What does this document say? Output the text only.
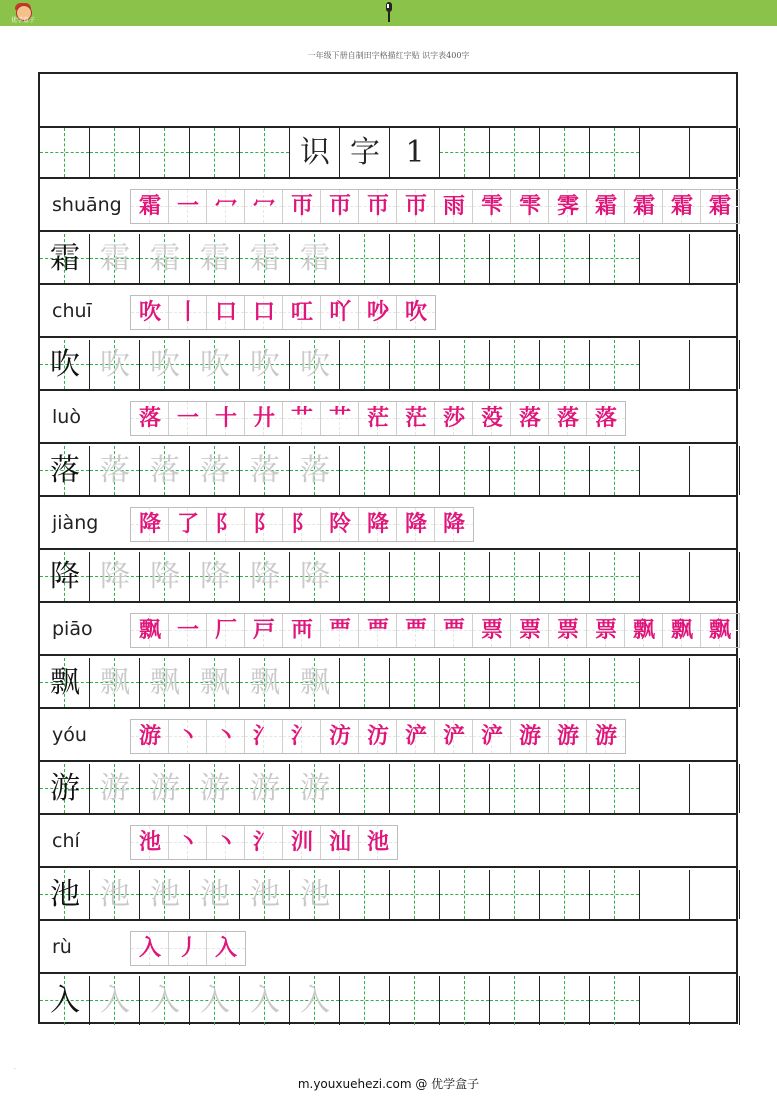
优学盒子
一年级下册自制田字格描红字贴 识字表400字
识 字 1
shuāng 霜 一 冖 冖 帀 帀 帀 帀 雨 雫 雫 霁 霜 霜 霜 霜
霜 霜 霜 霜 霜 霜
chuī	吹 丨 口 口 叿 吖 吵 吹
吹 吹 吹 吹 吹 吹
luò	落 一 十 廾 艹 艹 茫 茫 莎 莈 落 落 落
落 落 落 落 落 落
jiàng	降 了 阝 阝 阝 阾 降 降 降
降 降 降 降 降 降
piāo	飘 一 厂 戸 襾 覀 覀 覀 覀 票 票 票 票 飘 飘 飘
飘 飘 飘 飘 飘 飘
yóu	游 丶 丶 氵 氵 汸 汸 浐 浐 浐 游 游 游
游 游 游 游 游 游
chí	池 丶 丶 氵 汌 汕 池
池 池 池 池 池 池
rù	入 丿 入
入 入 入 入 入 入
·
m.youxuehezi.com @ 优学盒子
